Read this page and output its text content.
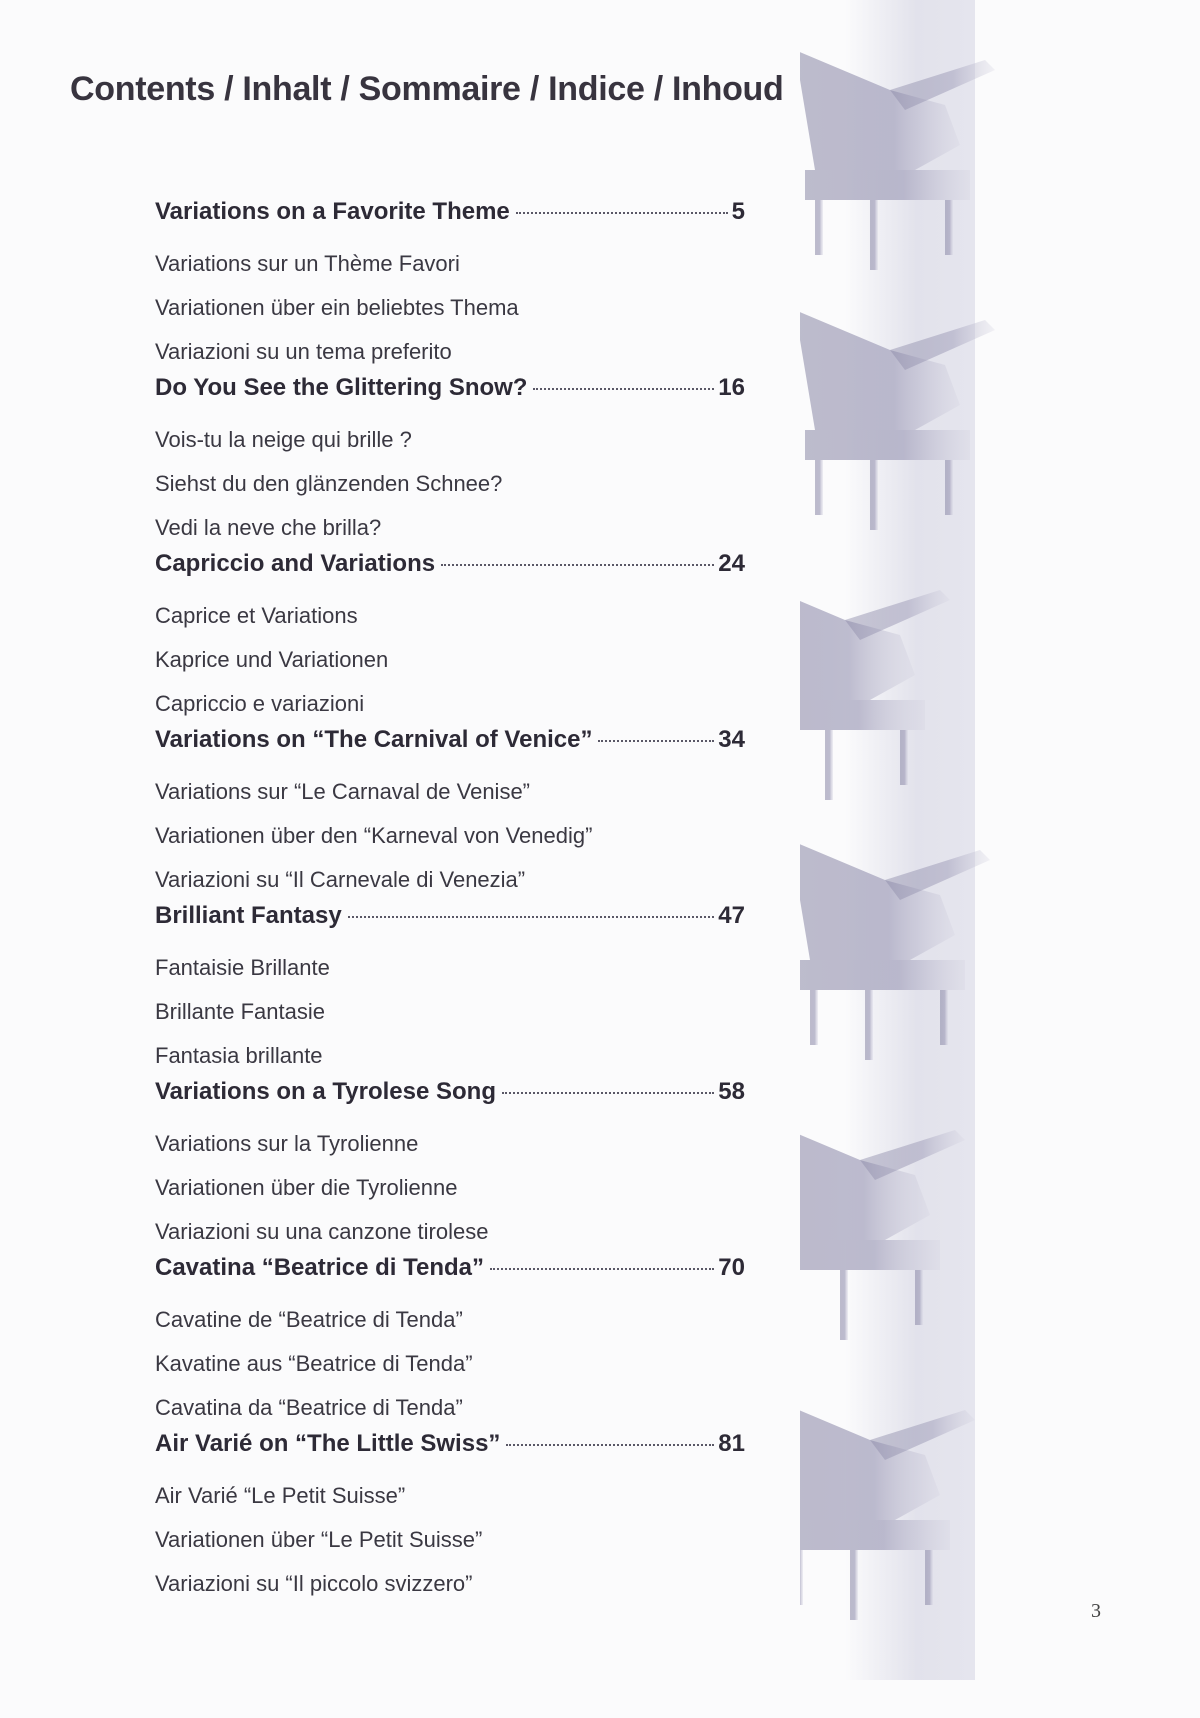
Contents / Inhalt / Sommaire / Indice / Inhoud
Variations on a Favorite Theme	5
Variations sur un Thème Favori
Variationen über ein beliebtes Thema
Variazioni su un tema preferito
Do You See the Glittering Snow?	16
Vois-tu la neige qui brille ?
Siehst du den glänzenden Schnee?
Vedi la neve che brilla?
Capriccio and Variations	24
Caprice et Variations
Kaprice und Variationen
Capriccio e variazioni
Variations on “The Carnival of Venice”	34
Variations sur “Le Carnaval de Venise”
Variationen über den “Karneval von Venedig”
Variazioni su “Il Carnevale di Venezia”
Brilliant Fantasy	47
Fantaisie Brillante
Brillante Fantasie
Fantasia brillante
Variations on a Tyrolese Song	58
Variations sur la Tyrolienne
Variationen über die Tyrolienne
Variazioni su una canzone tirolese
Cavatina “Beatrice di Tenda”	70
Cavatine de “Beatrice di Tenda”
Kavatine aus “Beatrice di Tenda”
Cavatina da “Beatrice di Tenda”
Air Varié on “The Little Swiss”	81
Air Varié “Le Petit Suisse”
Variationen über “Le Petit Suisse”
Variazioni su “Il piccolo svizzero”
3
